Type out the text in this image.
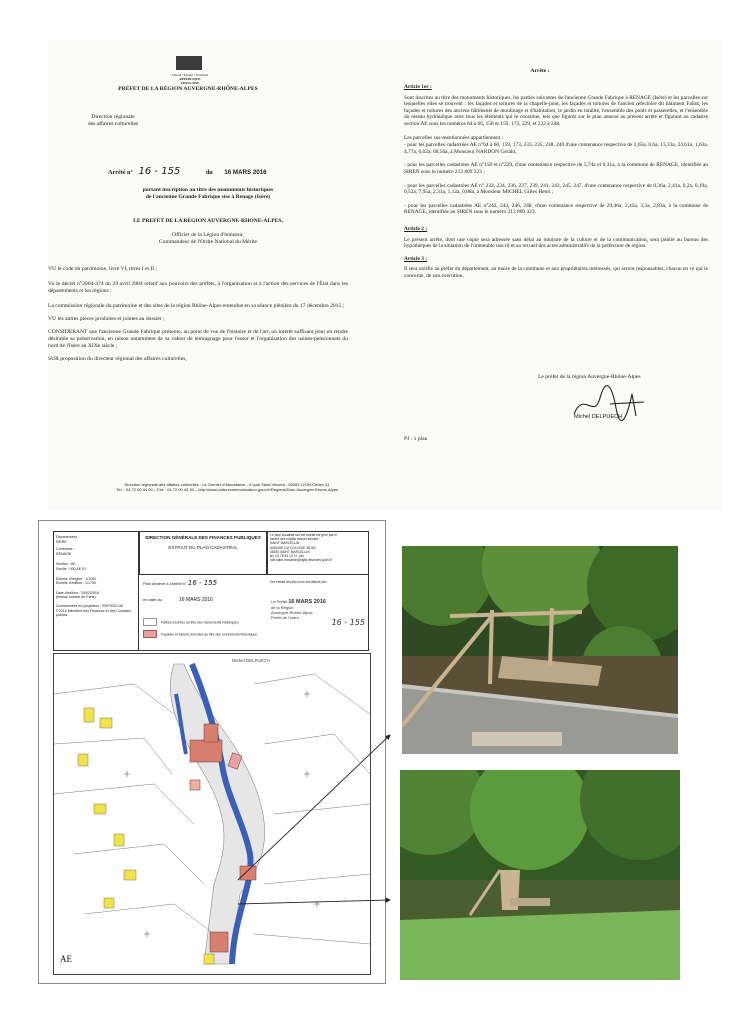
Liberté • Égalité • Fraternité
RÉPUBLIQUE FRANÇAISE
PRÉFET DE LA RÉGION AUVERGNE-RHÔNE-ALPES
Direction régionale
des affaires culturelles
Arrêté n° 16 - 155	du 16 MARS 2016
portant inscription au titre des monuments historiques
de l'ancienne Grande Fabrique sise à Renage (Isère)
LE PREFET DE LA REGION AUVERGNE-RHONE-ALPES,
Officier de la Légion d'honneur,
Commandeur de l'Ordre National du Mérite

VU le code du patrimoine, livre VI, titres I et II ;

Vu le décret n°2004-374 du 29 avril 2004 relatif aux pouvoirs des préfets, à l'organisation et à l'action des services de l'État dans les départements et les régions ;

La commission régionale du patrimoine et des sites de la région Rhône-Alpes entendue en sa séance plénière du 17 décembre 2015 ;

VU les autres pièces produites et jointes au dossier ;

CONSIDERANT que l'ancienne Grande Fabrique présente, au point de vue de l'histoire et de l'art, un intérêt suffisant pour en rendre désirable sa préservation, en raison notamment de sa valeur de témoignage pour l'essor et l'organisation des usines-pensionnats du nord de l'Isère au XIXe siècle ;

SUR proposition du directeur régional des affaires culturelles,

Direction régionale des affaires culturelles · Le Grenier d'Abondance - 6 quai Saint-Vincent - 69283 LYON Cedex 01
Tél. : 04 72 00 44 00 – Fax : 04 72 00 43 30 – http://www.culturecommunication.gouv.fr/Regions/Drac-Auvergne-Rhone-Alpes
Arrête :

Article 1er :

Sont inscrites au titre des monuments historiques, les parties suivantes de l'ancienne Grande Fabrique à RENAGE (Isère) et les parcelles sur lesquelles elles se trouvent : les façades et toitures de la chapelle-pont, les façades et toitures de l'ancien réfectoire dit bâtiment Fallot, les façades et toitures des anciens bâtiments de moulinage et d'habitation, le jardin en totalité, l'ensemble des ponts et passerelles, et l'ensemble du réseau hydraulique avec tous les éléments qui le constitue, tels que figurés sur le plan annexé au présent arrêté et figurant au cadastre section AE sous les numéros 64 à 66, 158 et 159, 173, 229, et 232 à 248.

Les parcelles sus-mentionnées appartiennent :

- pour les parcelles cadastrées AE n°64 à 66, 159, 173, 233, 235, 238, 240 d'une contenance respective de 2,65a, 0,6a, 13,33a, 24,61a, 1,63a, 4,77a, 6,02a, 68,56a, à Monsieur NARDON Gérald,

- pour les parcelles cadastrées AE n°158 et n°229, d'une contenance respective de 5,74a et 0,31a, à la commune de RENAGE, identifiée au SIREN sous le numéro 213 809 323 ;

- pour les parcelles cadastrées AE n° 232, 234, 236, 237, 239, 241, 243, 245, 247, d'une contenance respective de 0,36a, 2,41a, 0,2a, 0,19a, 0,52a, 7,95a, 2,31a, 1,12a, 0,88a, à Monsieur MICHEL Gilles Henri ;

- pour les parcelles cadastrées AE n°242, 244, 246, 248, d'une contenance respective de 29,46a, 2,45a, 3,3a, 2,83a, à la commune de RENAGE, identifiée au SIREN sous le numéro 213 809 323.

Article 2 :

Le présent arrêté, dont une copie sera adressée sans délai au ministre de la culture et de la communication, sera publié au bureau des hypothèques de la situation de l'immeuble inscrit et au recueil des actes administratifs de la préfecture de région.

Article 3 :

Il sera notifié au préfet du département, au maire de la commune et aux propriétaires intéressés, qui seront responsables, chacun en ce qui le concerne, de son exécution.

Le préfet de la région Auvergne-Rhône-Alpes
Michel DELPUECH
PJ : 1 plan
DIRECTION GÉNÉRALE DES FINANCES PUBLIQUES
EXTRAIT DU PLAN CADASTRAL
Département :
ISERE
Commune :
RENAGE
Section : AE
Feuille : 000 AE 01
Échelle d'origine : 1/1000
Échelle d'édition : 1/1700
Date d'édition : 29/02/2016
(fuseau horaire de Paris)
Coordonnées en projection : RGF93CC46
©2014 Ministère des Finances et des Comptes publics
Le plan visualisé sur cet extrait est géré par le
centre des impôts foncier suivant :
SAINT MARCELLIN
AVENUE DU COLLEGE 38160
38160 SAINT MARCELLIN
tél. 04 76 64 13 37 -fax
cdif.saint-marcellin@dgfip.finances.gouv.fr
Cet extrait de plan vous est délivré par :
Plan annexé à l'arrêté n° 16 - 155
en date du	16 MARS 2016	Le Préfet 16 MARS 2016
de la Région
Auvergne-Rhône-Alpes
Préfet de l'Isère
16 - 155
Parties inscrites au titre des monuments historiques
Façades et toitures inscrites au titre des monuments historiques
Michel DELPUECH
AE
